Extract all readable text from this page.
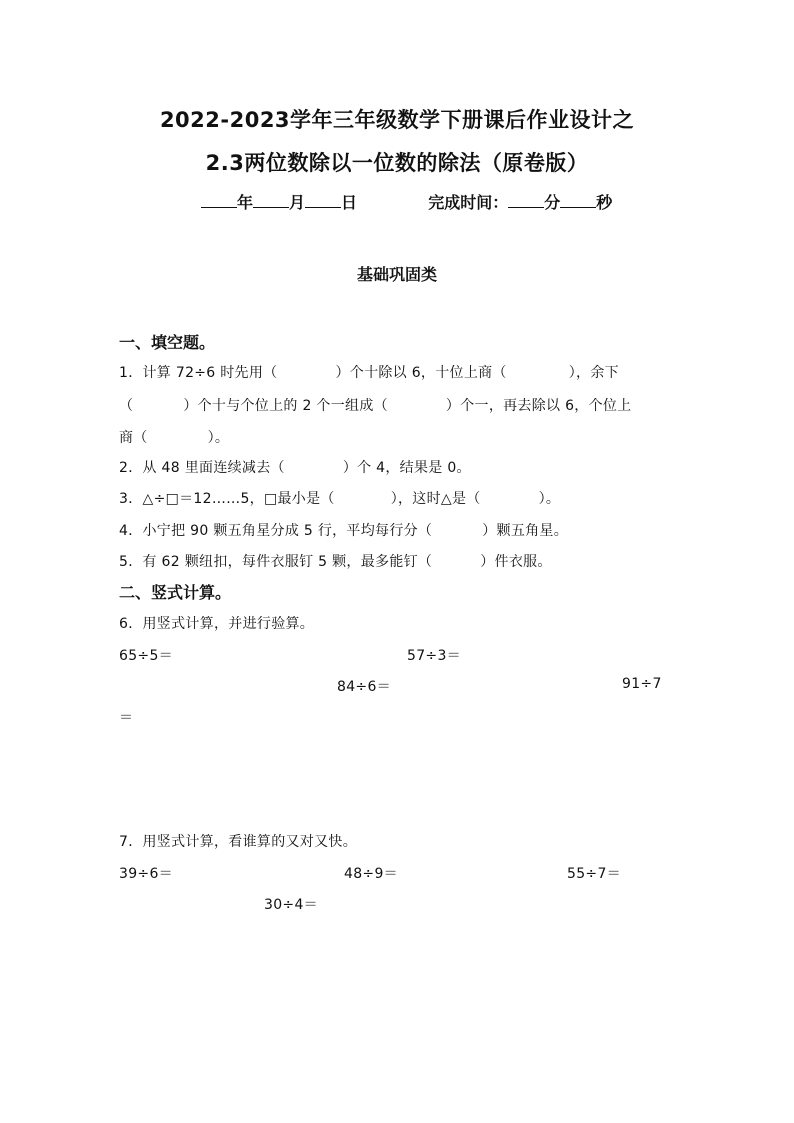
2022-2023学年三年级数学下册课后作业设计之
2.3两位数除以一位数的除法（原卷版）
年 月 日	完成时间： 分 秒
基础巩固类
一、填空题。
1．计算 72÷6 时先用（	）个十除以 6，十位上商（	），余下
（	）个十与个位上的 2 个一组成（	）个一，再去除以 6，个位上
商（	）。
2．从 48 里面连续减去（	）个 4，结果是 0。
3．△÷□＝12……5，□最小是（	），这时△是（	）。
4．小宁把 90 颗五角星分成 5 行，平均每行分（	）颗五角星。
5．有 62 颗纽扣，每件衣服钉 5 颗，最多能钉（	）件衣服。
二、竖式计算。
6．用竖式计算，并进行验算。
65÷5＝	57÷3＝
84÷6＝	91÷7
＝
7．用竖式计算，看谁算的又对又快。
39÷6＝	48÷9＝	55÷7＝
30÷4＝
